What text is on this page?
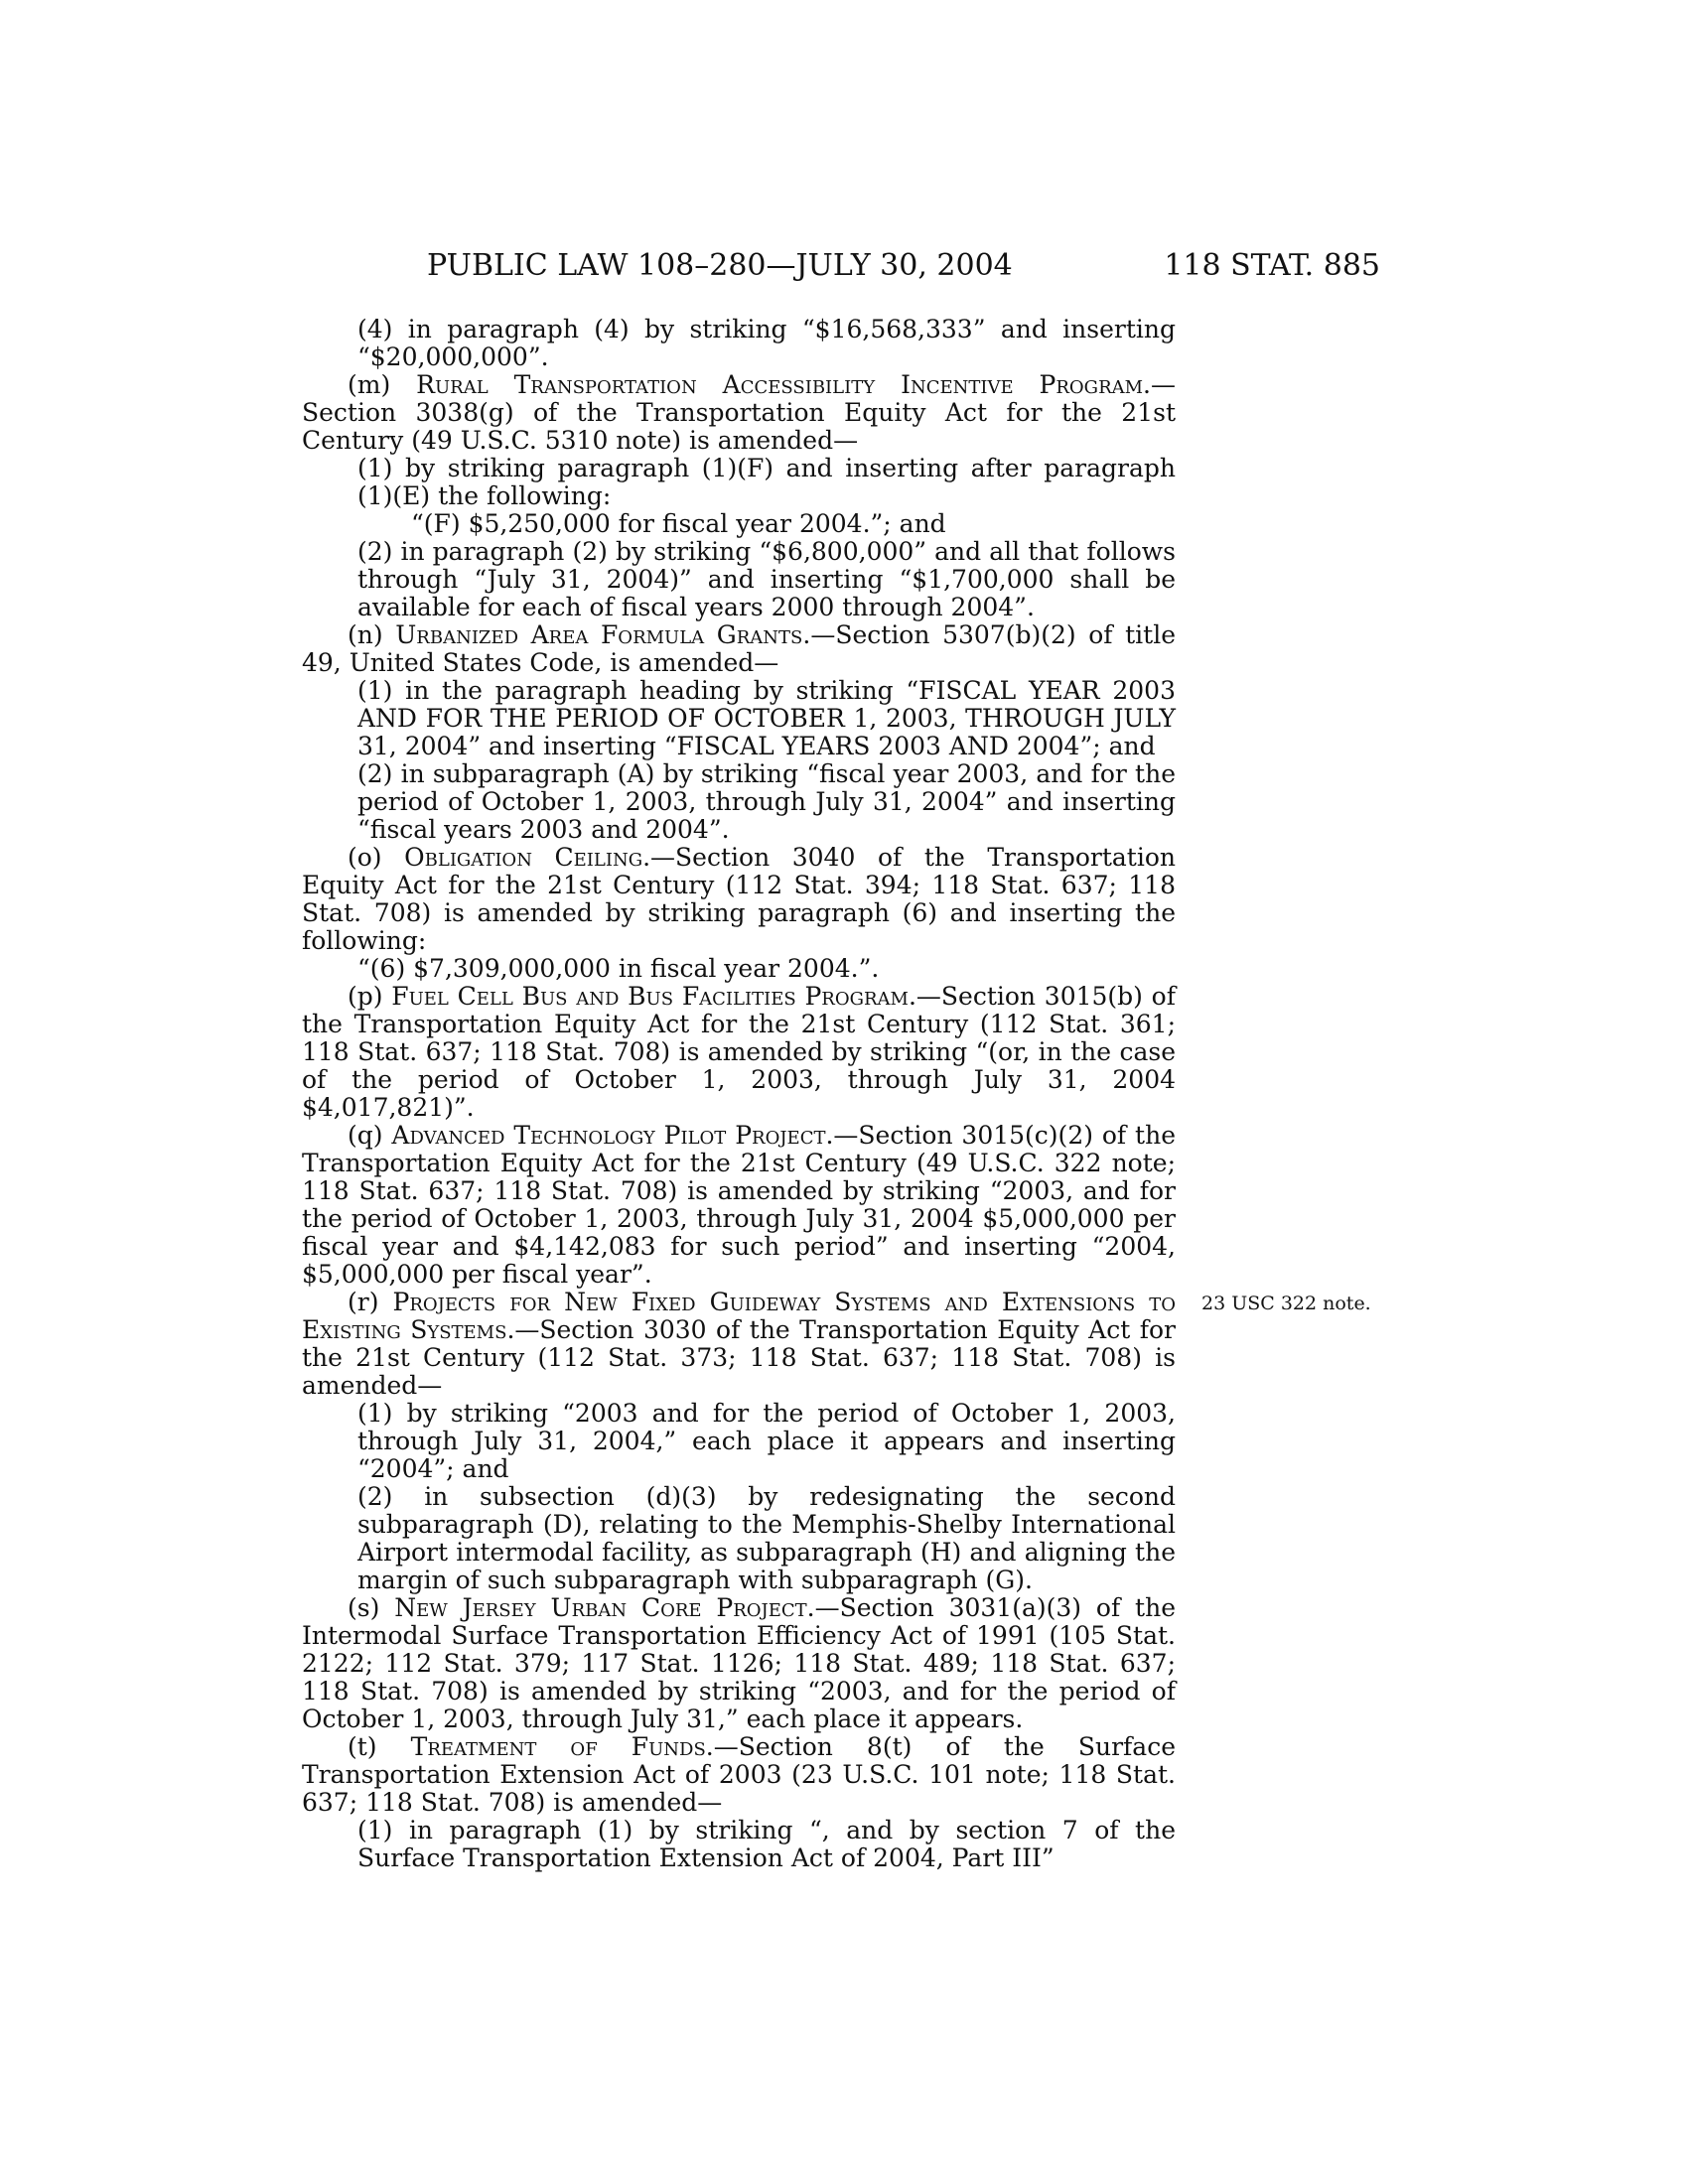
PUBLIC LAW 108–280—JULY 30, 2004	118 STAT. 885

(4) in paragraph (4) by striking “$16,568,333” and inserting “$20,000,000”.

(m) Rural Transportation Accessibility Incentive Program.—Section 3038(g) of the Transportation Equity Act for the 21st Century (49 U.S.C. 5310 note) is amended—

(1) by striking paragraph (1)(F) and inserting after paragraph (1)(E) the following:

“(F) $5,250,000 for fiscal year 2004.”; and

(2) in paragraph (2) by striking “$6,800,000” and all that follows through “July 31, 2004)” and inserting “$1,700,000 shall be available for each of fiscal years 2000 through 2004”.

(n) Urbanized Area Formula Grants.—Section 5307(b)(2) of title 49, United States Code, is amended—

(1) in the paragraph heading by striking “FISCAL YEAR 2003 AND FOR THE PERIOD OF OCTOBER 1, 2003, THROUGH JULY 31, 2004” and inserting “FISCAL YEARS 2003 AND 2004”; and

(2) in subparagraph (A) by striking “fiscal year 2003, and for the period of October 1, 2003, through July 31, 2004” and inserting “fiscal years 2003 and 2004”.

(o) Obligation Ceiling.—Section 3040 of the Transportation Equity Act for the 21st Century (112 Stat. 394; 118 Stat. 637; 118 Stat. 708) is amended by striking paragraph (6) and inserting the following:

“(6) $7,309,000,000 in fiscal year 2004.”.

(p) Fuel Cell Bus and Bus Facilities Program.—Section 3015(b) of the Transportation Equity Act for the 21st Century (112 Stat. 361; 118 Stat. 637; 118 Stat. 708) is amended by striking “(or, in the case of the period of October 1, 2003, through July 31, 2004 $4,017,821)”.

(q) Advanced Technology Pilot Project.—Section 3015(c)(2) of the Transportation Equity Act for the 21st Century (49 U.S.C. 322 note; 118 Stat. 637; 118 Stat. 708) is amended by striking “2003, and for the period of October 1, 2003, through July 31, 2004 $5,000,000 per fiscal year and $4,142,083 for such period” and inserting “2004, $5,000,000 per fiscal year”.

(r) Projects for New Fixed Guideway Systems and Extensions to Existing Systems.—Section 3030 of the Transportation Equity Act for the 21st Century (112 Stat. 373; 118 Stat. 637; 118 Stat. 708) is amended—

(1) by striking “2003 and for the period of October 1, 2003, through July 31, 2004,” each place it appears and inserting “2004”; and

(2) in subsection (d)(3) by redesignating the second subparagraph (D), relating to the Memphis-Shelby International Airport intermodal facility, as subparagraph (H) and aligning the margin of such subparagraph with subparagraph (G).

(s) New Jersey Urban Core Project.—Section 3031(a)(3) of the Intermodal Surface Transportation Efficiency Act of 1991 (105 Stat. 2122; 112 Stat. 379; 117 Stat. 1126; 118 Stat. 489; 118 Stat. 637; 118 Stat. 708) is amended by striking “2003, and for the period of October 1, 2003, through July 31,” each place it appears.

(t) Treatment of Funds.—Section 8(t) of the Surface Transportation Extension Act of 2003 (23 U.S.C. 101 note; 118 Stat. 637; 118 Stat. 708) is amended—

(1) in paragraph (1) by striking “, and by section 7 of the Surface Transportation Extension Act of 2004, Part III”

23 USC 322 note.
